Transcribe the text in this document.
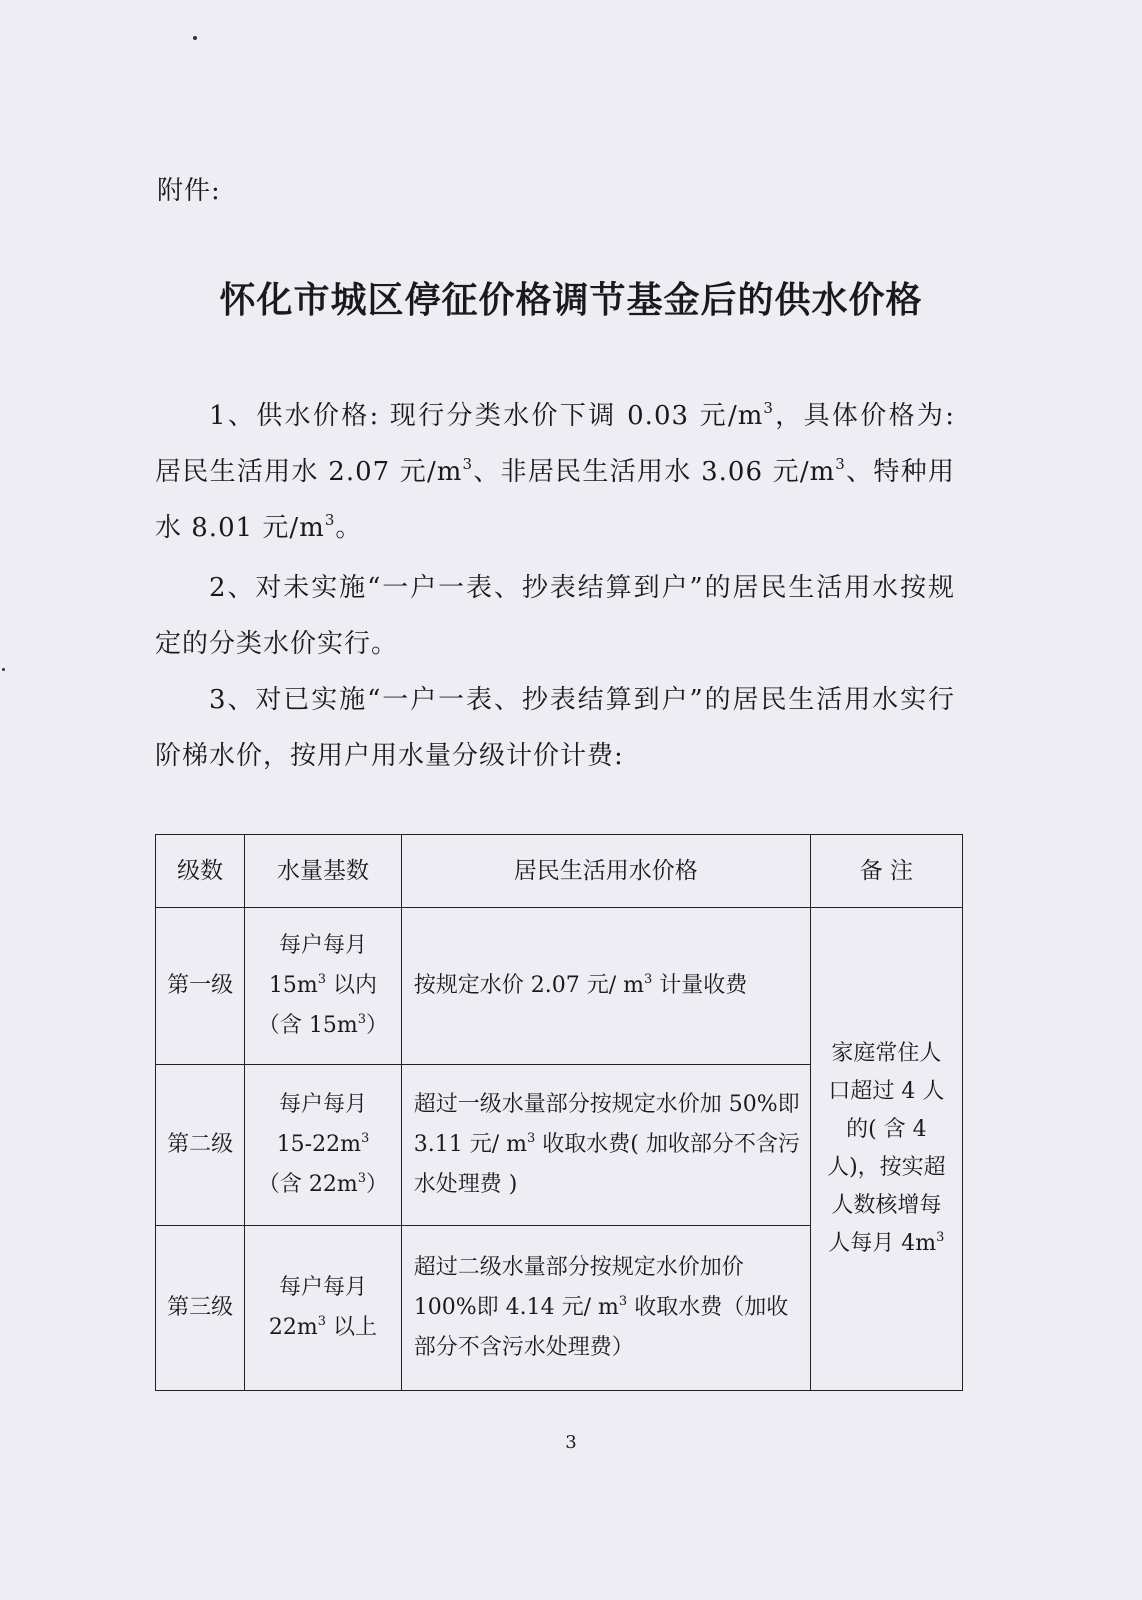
附件:
怀化市城区停征价格调节基金后的供水价格
1、供水价格: 现行分类水价下调 0.03 元$/m^3$，具体价格为: 居民生活用水 2.07 元$/m^3$、非居民生活用水 3.06 元$/m^3$、特种用水 8.01 元$/m^3$。
2、对未实施“一户一表、抄表结算到户”的居民生活用水按规定的分类水价实行。
3、对已实施“一户一表、抄表结算到户”的居民生活用水实行阶梯水价，按用户用水量分级计价计费:
级数	水量基数	居民生活用水价格	备 注
第一级	每户每月
$15m^3$ 以内
（含 $15m^3$）	按规定水价 2.07 元/ $m^3$ 计量收费	家庭常住人口超过 4 人的( 含 4 人)，按实超人数核增每人每月 $4m^3$
第二级	每户每月
$15-22m^3$
（含 $22m^3$）	超过一级水量部分按规定水价加 50%即 3.11 元/ $m^3$ 收取水费( 加收部分不含污水处理费 )	
第三级	每户每月
$22m^3$ 以上	超过二级水量部分按规定水价加价 100%即 4.14 元/ $m^3$ 收取水费（加收部分不含污水处理费）	
3
